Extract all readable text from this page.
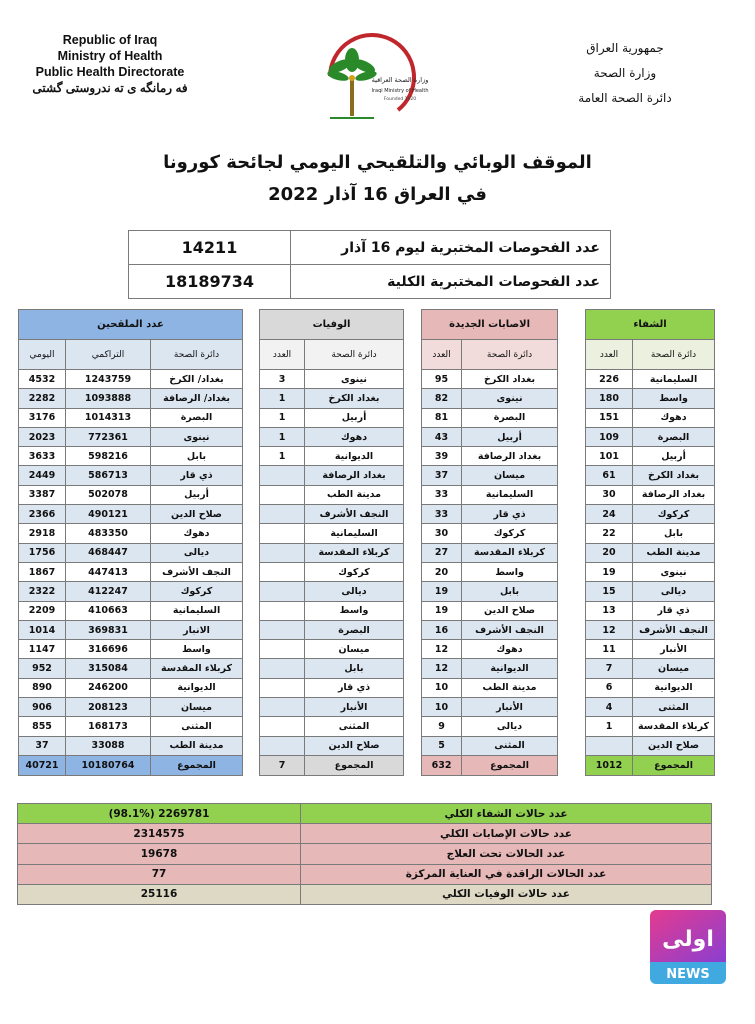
Republic of Iraq
Ministry of Health
Public Health Directorate
فه رمانگه ى ته ندروستى گشتى
وزارة الصحة العراقية
Iraqi Ministry of Health
Founded 1920
جمهورية العراق
وزارة الصحة
دائرة الصحة العامة
الموقف الوبائي والتلقيحي اليومي لجائحة كورونا
في العراق 16 آذار 2022
14211	عدد الفحوصات المختبرية ليوم 16 آذار
18189734	عدد الفحوصات المختبرية الكلية
عدد الملقحين				الوفيات			الاصابات الجديدة			الشفاء	
اليومي	التراكمي	دائرة الصحة		العدد	دائرة الصحة		العدد	دائرة الصحة		العدد	دائرة الصحة
4532	1243759	بغداد/ الكرخ		3	نينوى		95	بغداد الكرخ		226	السليمانية
2282	1093888	بغداد/ الرصافة		1	بغداد الكرخ		82	نينوى		180	واسط
3176	1014313	البصرة		1	أربيل		81	البصرة		151	دهوك
2023	772361	نينوى		1	دهوك		43	أربيل		109	البصرة
3633	598216	بابل		1	الديوانية		39	بغداد الرصافة		101	أربيل
2449	586713	ذي قار			بغداد الرصافة		37	ميسان		61	بغداد الكرخ
3387	502078	أربيل			مدينة الطب		33	السليمانية		30	بغداد الرصافة
2366	490121	صلاح الدين			النجف الأشرف		33	ذي قار		24	كركوك
2918	483350	دهوك			السليمانية		30	كركوك		22	بابل
1756	468447	ديالى			كربلاء المقدسة		27	كربلاء المقدسة		20	مدينة الطب
1867	447413	النجف الأشرف			كركوك		20	واسط		19	نينوى
2322	412247	كركوك			ديالى		19	بابل		15	ديالى
2209	410663	السليمانية			واسط		19	صلاح الدين		13	ذي قار
1014	369831	الانبار			البصرة		16	النجف الأشرف		12	النجف الأشرف
1147	316696	واسط			ميسان		12	دهوك		11	الأنبار
952	315084	كربلاء المقدسة			بابل		12	الديوانية		7	ميسان
890	246200	الديوانية			ذي قار		10	مدينة الطب		6	الديوانية
906	208123	ميسان			الأنبار		10	الأنبار		4	المثنى
855	168173	المثنى			المثنى		9	ديالى		1	كربلاء المقدسة
37	33088	مدينة الطب			صلاح الدين		5	المثنى			صلاح الدين
40721	10180764	المجموع		7	المجموع		632	المجموع		1012	المجموع
2269781 (98.1%)	عدد حالات الشفاء الكلي
2314575	عدد حالات الإصابات الكلي
19678	عدد الحالات تحت العلاج
77	عدد الحالات الراقدة في العناية المركزة
25116	عدد حالات الوفيات الكلي
اولى
NEWS
